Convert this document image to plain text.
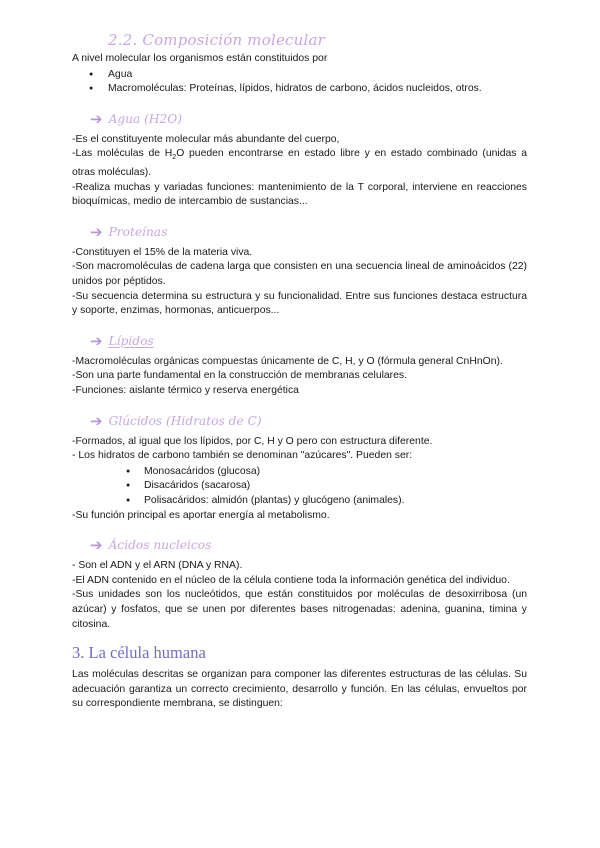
2.2. Composición molecular

A nivel molecular los organismos están constituidos por

● Agua
● Macromoléculas: Proteínas, lípidos, hidratos de carbono, ácidos nucleidos, otros.
➔ Agua (H2O)

-Es el constituyente molecular más abundante del cuerpo,

-Las moléculas de $H_2O$ pueden encontrarse en estado libre y en estado combinado (unidas a otras moléculas).

-Realiza muchas y variadas funciones: mantenimiento de la T corporal, interviene en reacciones bioquímicas, medio de intercambio de sustancias...

➔ Proteínas

-Constituyen el 15% de la materia viva.

-Son macromoléculas de cadena larga que consisten en una secuencia lineal de aminoácidos (22) unidos por péptidos.

-Su secuencia determina su estructura y su funcionalidad. Entre sus funciones destaca estructura y soporte, enzimas, hormonas, anticuerpos...

➔ Lípidos

-Macromoléculas orgánicas compuestas únicamente de C, H, y O (fórmula general CnHnOn).

-Son una parte fundamental en la construcción de membranas celulares.

-Funciones: aislante térmico y reserva energética

➔ Glúcidos (Hidratos de C)

-Formados, al igual que los lípidos, por C, H y O pero con estructura diferente.

- Los hidratos de carbono también se denominan "azúcares". Pueden ser:

● Monosacáridos (glucosa)
● Disacáridos (sacarosa)
● Polisacáridos: almidón (plantas) y glucógeno (animales).

-Su función principal es aportar energía al metabolismo.

➔ Ácidos nucleicos

- Son el ADN y el ARN (DNA y RNA).

-El ADN contenido en el núcleo de la célula contiene toda la información genética del individuo.

-Sus unidades son los nucleótidos, que están constituidos por moléculas de desoxirribosa (un azúcar) y fosfatos, que se unen por diferentes bases nitrogenadas: adenina, guanina, timina y citosina.

3. La célula humana

Las moléculas descritas se organizan para componer las diferentes estructuras de las células. Su adecuación garantiza un correcto crecimiento, desarrollo y función. En las células, envueltos por su correspondiente membrana, se distinguen:
